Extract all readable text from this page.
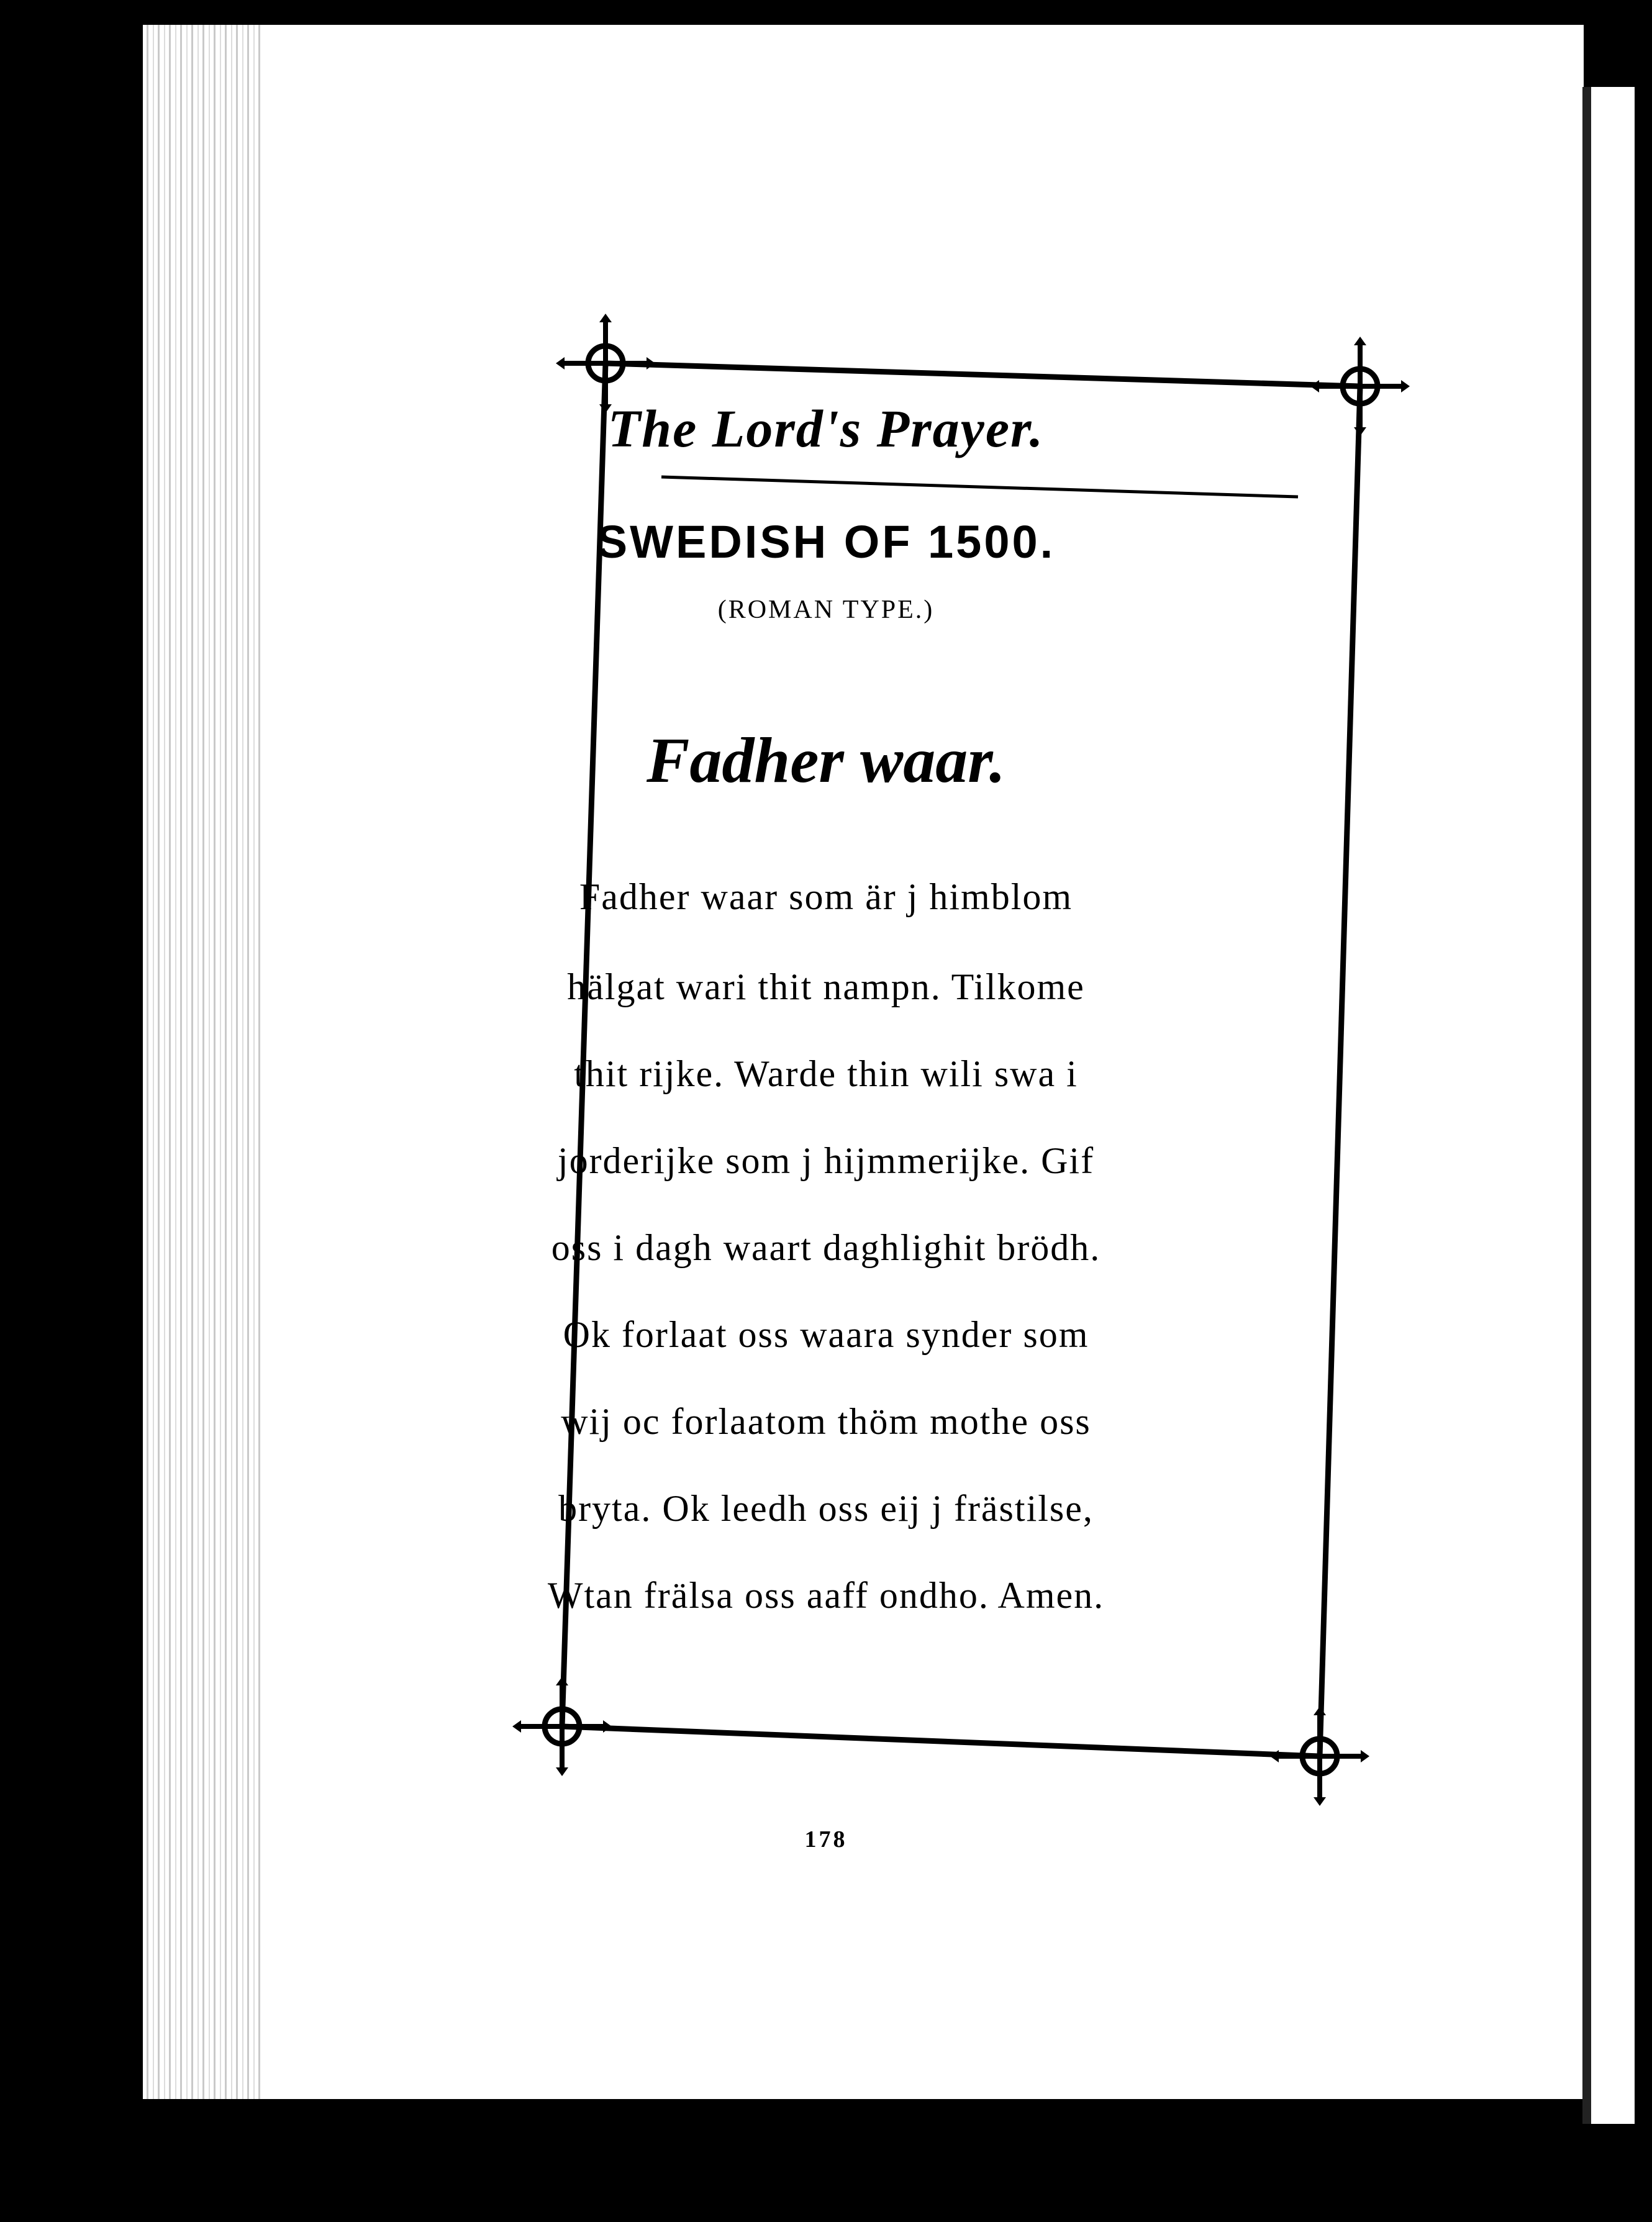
The Lord's Prayer.
SWEDISH OF 1500.
(ROMAN TYPE.)
Fadher waar.
Fadher waar som är j himblom
hälgat wari thit nampn. Tilkome
thit rijke. Warde thin wili swa i
jorderijke som j hijmmerijke. Gif
oss i dagh waart daghlighit brödh.
Ok forlaat oss waara synder som
wij oc forlaatom thöm mothe oss
bryta. Ok leedh oss eij j frästilse,
Wtan frälsa oss aaff ondho. Amen.
178
